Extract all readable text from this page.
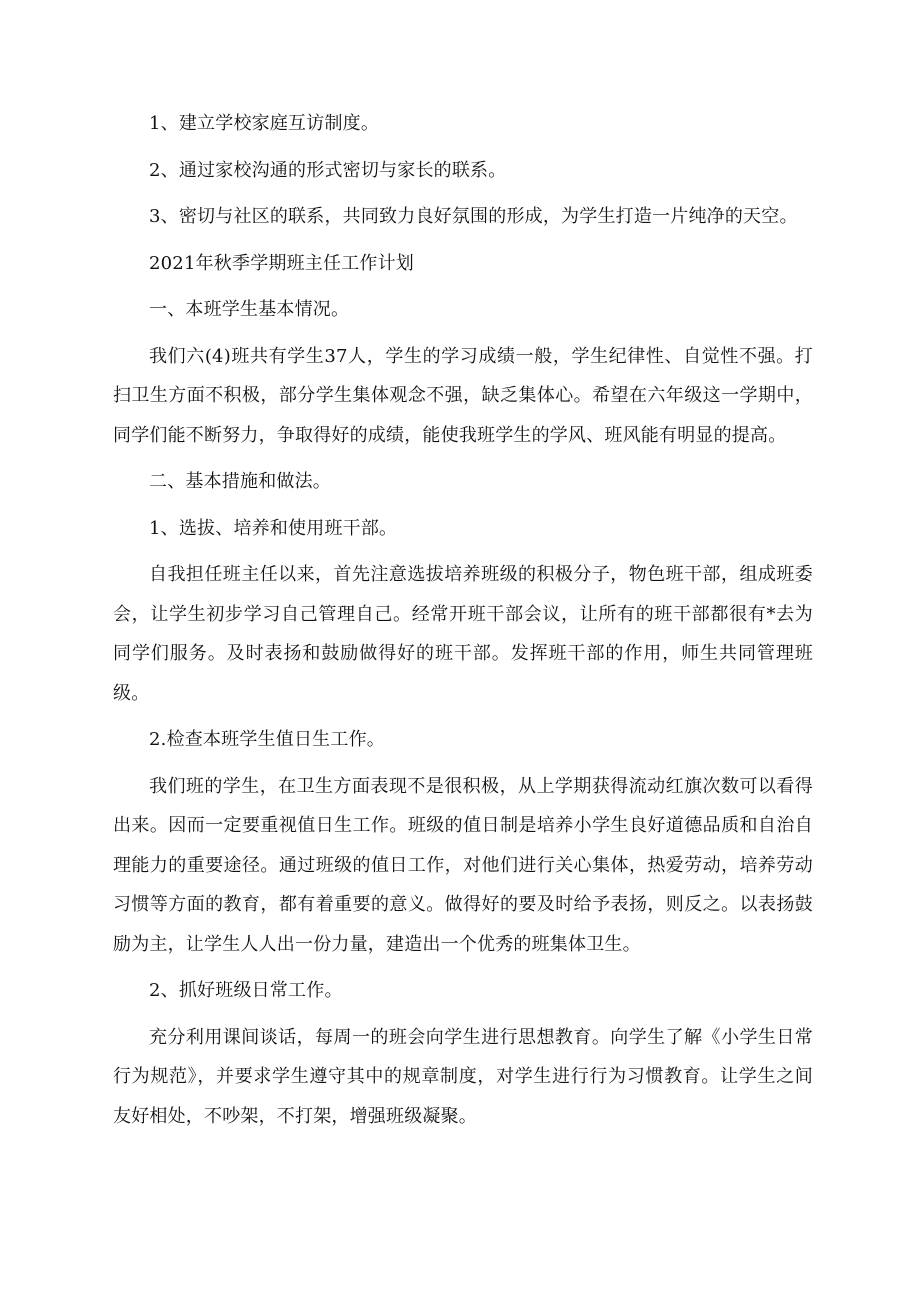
1、建立学校家庭互访制度。

2、通过家校沟通的形式密切与家长的联系。

3、密切与社区的联系，共同致力良好氛围的形成，为学生打造一片纯净的天空。

2021年秋季学期班主任工作计划

一、本班学生基本情况。

我们六(4)班共有学生37人，学生的学习成绩一般，学生纪律性、自觉性不强。打扫卫生方面不积极，部分学生集体观念不强，缺乏集体心。希望在六年级这一学期中，同学们能不断努力，争取得好的成绩，能使我班学生的学风、班风能有明显的提高。

二、基本措施和做法。

1、选拔、培养和使用班干部。

自我担任班主任以来，首先注意选拔培养班级的积极分子，物色班干部，组成班委会，让学生初步学习自己管理自己。经常开班干部会议，让所有的班干部都很有*去为同学们服务。及时表扬和鼓励做得好的班干部。发挥班干部的作用，师生共同管理班级。

2.检查本班学生值日生工作。

我们班的学生，在卫生方面表现不是很积极，从上学期获得流动红旗次数可以看得出来。因而一定要重视值日生工作。班级的值日制是培养小学生良好道德品质和自治自理能力的重要途径。通过班级的值日工作，对他们进行关心集体，热爱劳动，培养劳动习惯等方面的教育，都有着重要的意义。做得好的要及时给予表扬，则反之。以表扬鼓励为主，让学生人人出一份力量，建造出一个优秀的班集体卫生。

2、抓好班级日常工作。

充分利用课间谈话，每周一的班会向学生进行思想教育。向学生了解《小学生日常行为规范》，并要求学生遵守其中的规章制度，对学生进行行为习惯教育。让学生之间友好相处，不吵架，不打架，增强班级凝聚。
